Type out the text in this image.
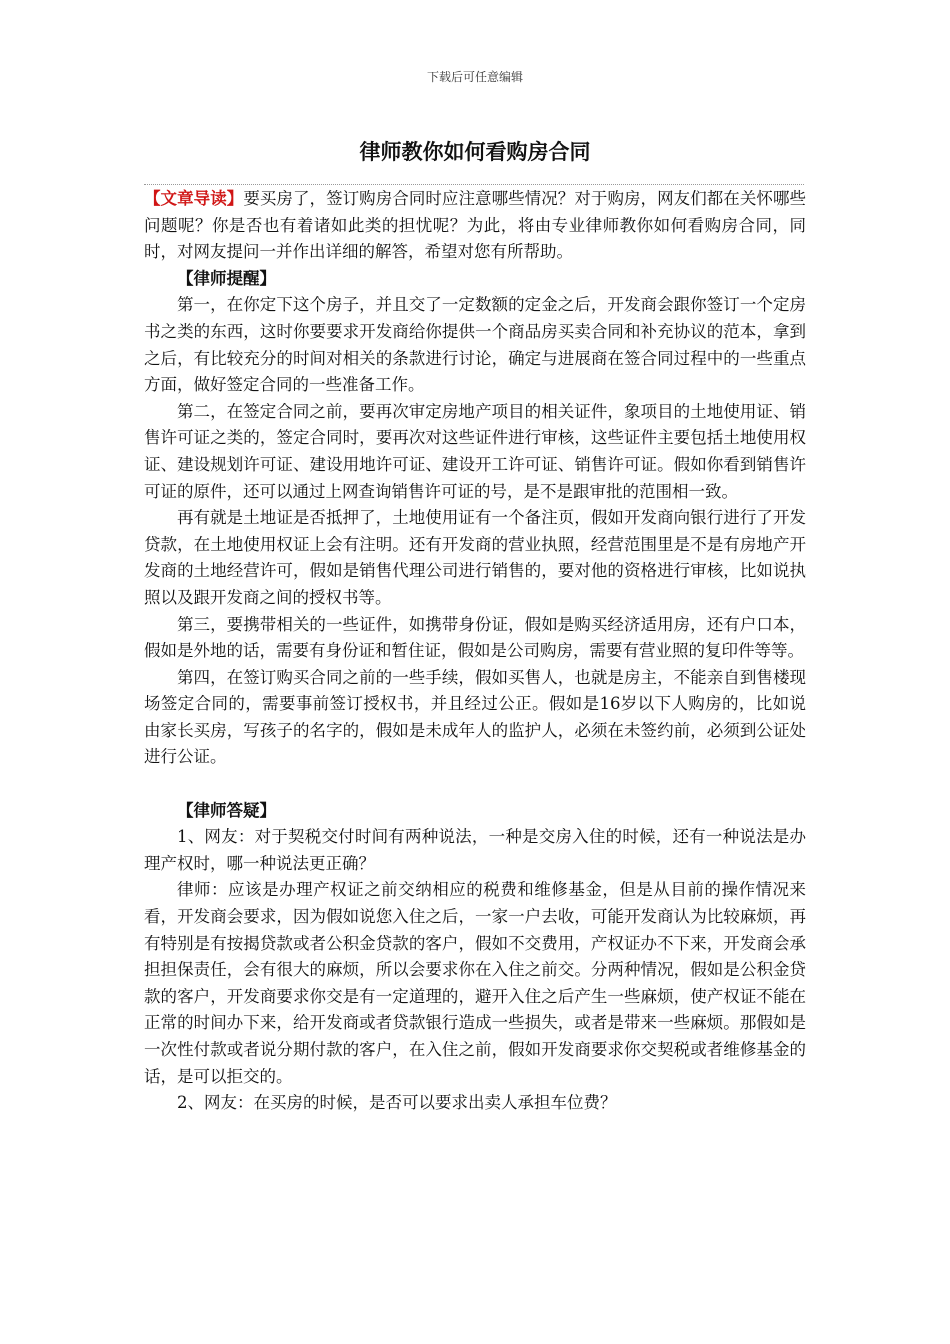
下载后可任意编辑
律师教你如何看购房合同

【文章导读】要买房了，签订购房合同时应注意哪些情况？对于购房，网友们都在关怀哪些问题呢？你是否也有着诸如此类的担忧呢？为此，将由专业律师教你如何看购房合同，同时，对网友提问一并作出详细的解答，希望对您有所帮助。

【律师提醒】

第一，在你定下这个房子，并且交了一定数额的定金之后，开发商会跟你签订一个定房书之类的东西，这时你要要求开发商给你提供一个商品房买卖合同和补充协议的范本，拿到之后，有比较充分的时间对相关的条款进行讨论，确定与进展商在签合同过程中的一些重点方面，做好签定合同的一些准备工作。

第二，在签定合同之前，要再次审定房地产项目的相关证件，象项目的土地使用证、销售许可证之类的，签定合同时，要再次对这些证件进行审核，这些证件主要包括土地使用权证、建设规划许可证、建设用地许可证、建设开工许可证、销售许可证。假如你看到销售许可证的原件，还可以通过上网查询销售许可证的号，是不是跟审批的范围相一致。

再有就是土地证是否抵押了，土地使用证有一个备注页，假如开发商向银行进行了开发贷款，在土地使用权证上会有注明。还有开发商的营业执照，经营范围里是不是有房地产开发商的土地经营许可，假如是销售代理公司进行销售的，要对他的资格进行审核，比如说执照以及跟开发商之间的授权书等。

第三，要携带相关的一些证件，如携带身份证，假如是购买经济适用房，还有户口本，假如是外地的话，需要有身份证和暂住证，假如是公司购房，需要有营业照的复印件等等。

第四，在签订购买合同之前的一些手续，假如买售人，也就是房主，不能亲自到售楼现场签定合同的，需要事前签订授权书，并且经过公正。假如是16岁以下人购房的，比如说由家长买房，写孩子的名字的，假如是未成年人的监护人，必须在未签约前，必须到公证处进行公证。

【律师答疑】

1、网友：对于契税交付时间有两种说法，一种是交房入住的时候，还有一种说法是办理产权时，哪一种说法更正确？

律师：应该是办理产权证之前交纳相应的税费和维修基金，但是从目前的操作情况来看，开发商会要求，因为假如说您入住之后，一家一户去收，可能开发商认为比较麻烦，再有特别是有按揭贷款或者公积金贷款的客户，假如不交费用，产权证办不下来，开发商会承担担保责任，会有很大的麻烦，所以会要求你在入住之前交。分两种情况，假如是公积金贷款的客户，开发商要求你交是有一定道理的，避开入住之后产生一些麻烦，使产权证不能在正常的时间办下来，给开发商或者贷款银行造成一些损失，或者是带来一些麻烦。那假如是一次性付款或者说分期付款的客户，在入住之前，假如开发商要求你交契税或者维修基金的话，是可以拒交的。

2、网友：在买房的时候，是否可以要求出卖人承担车位费？
